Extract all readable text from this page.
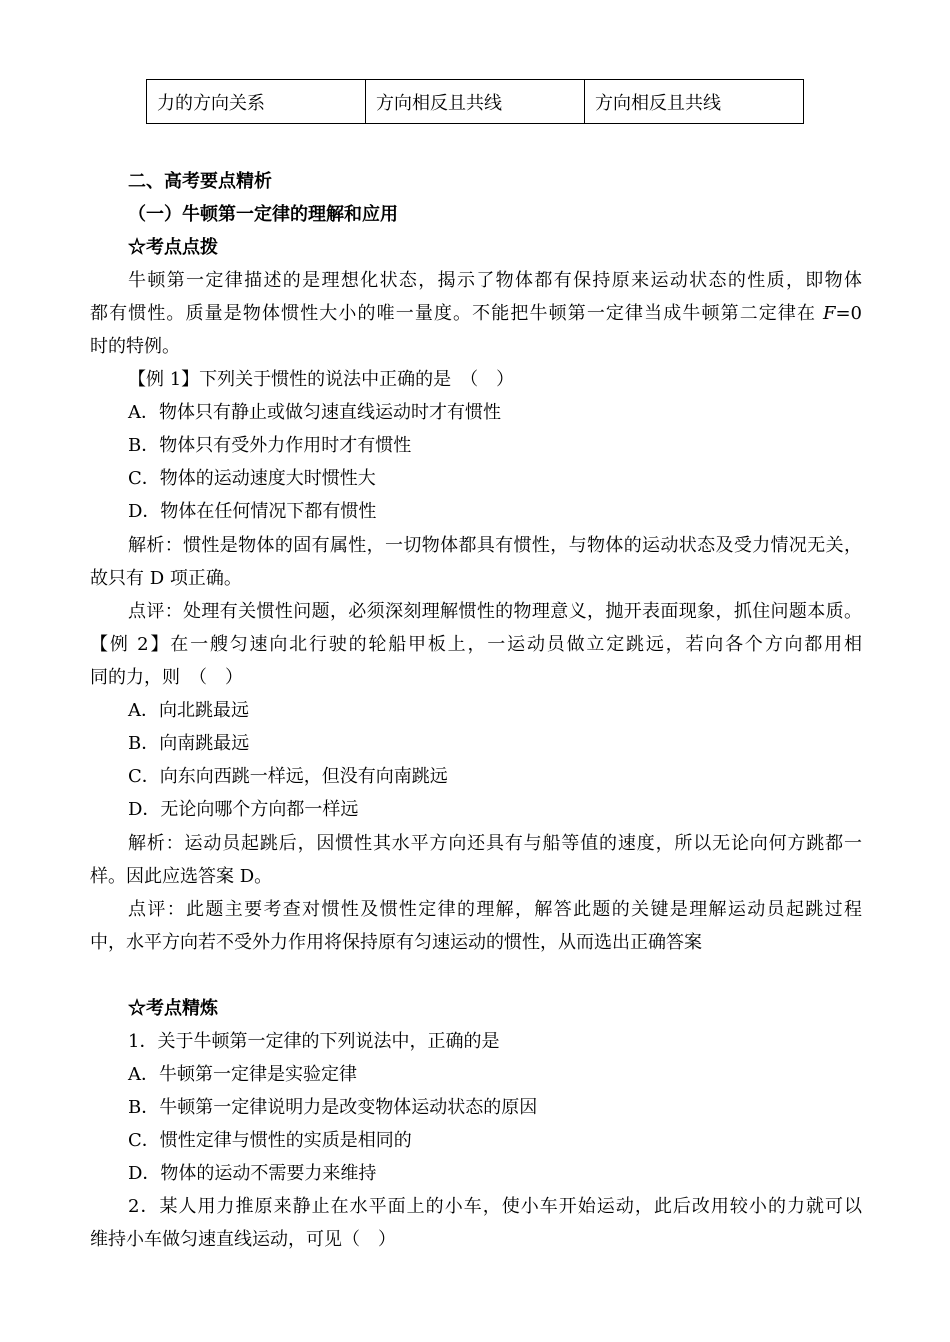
力的方向关系	方向相反且共线	方向相反且共线
二、高考要点精析
（一）牛顿第一定律的理解和应用
☆考点点拨
牛顿第一定律描述的是理想化状态，揭示了物体都有保持原来运动状态的性质，即物体
都有惯性。质量是物体惯性大小的唯一量度。不能把牛顿第一定律当成牛顿第二定律在 F=0
时的特例。
【例 1】下列关于惯性的说法中正确的是　（　）
A．物体只有静止或做匀速直线运动时才有惯性
B．物体只有受外力作用时才有惯性
C．物体的运动速度大时惯性大
D．物体在任何情况下都有惯性
解析：惯性是物体的固有属性，一切物体都具有惯性，与物体的运动状态及受力情况无关，
故只有 D 项正确。
点评：处理有关惯性问题，必须深刻理解惯性的物理意义，抛开表面现象，抓住问题本质。
【例 2】在一艘匀速向北行驶的轮船甲板上，一运动员做立定跳远，若向各个方向都用相
同的力，则　（　）
A．向北跳最远
B．向南跳最远
C．向东向西跳一样远，但没有向南跳远
D．无论向哪个方向都一样远
解析：运动员起跳后，因惯性其水平方向还具有与船等值的速度，所以无论向何方跳都一
样。因此应选答案 D。
点评：此题主要考查对惯性及惯性定律的理解，解答此题的关键是理解运动员起跳过程
中，水平方向若不受外力作用将保持原有匀速运动的惯性，从而选出正确答案
☆考点精炼
1．关于牛顿第一定律的下列说法中，正确的是
A．牛顿第一定律是实验定律
B．牛顿第一定律说明力是改变物体运动状态的原因
C．惯性定律与惯性的实质是相同的
D．物体的运动不需要力来维持
2．某人用力推原来静止在水平面上的小车，使小车开始运动，此后改用较小的力就可以
维持小车做匀速直线运动，可见（　）
